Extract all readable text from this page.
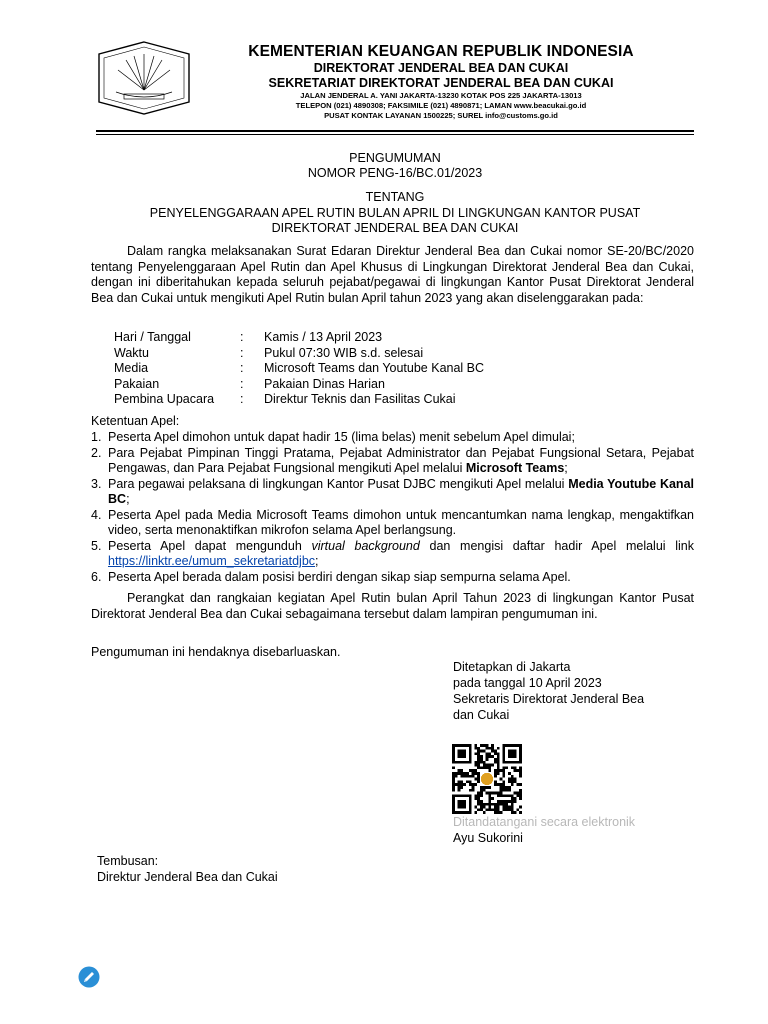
KEMENTERIAN KEUANGAN REPUBLIK INDONESIA
DIREKTORAT JENDERAL BEA DAN CUKAI
SEKRETARIAT DIREKTORAT JENDERAL BEA DAN CUKAI
JALAN JENDERAL A. YANI JAKARTA-13230 KOTAK POS 225 JAKARTA-13013
TELEPON (021) 4890308; FAKSIMILE (021) 4890871; LAMAN www.beacukai.go.id
PUSAT KONTAK LAYANAN 1500225; SUREL info@customs.go.id
PENGUMUMAN
NOMOR PENG-16/BC.01/2023
TENTANG
PENYELENGGARAAN APEL RUTIN BULAN APRIL DI LINGKUNGAN KANTOR PUSAT
DIREKTORAT JENDERAL BEA DAN CUKAI
Dalam rangka melaksanakan Surat Edaran Direktur Jenderal Bea dan Cukai nomor SE-20/BC/2020 tentang Penyelenggaraan Apel Rutin dan Apel Khusus di Lingkungan Direktorat Jenderal Bea dan Cukai, dengan ini diberitahukan kepada seluruh pejabat/pegawai di lingkungan Kantor Pusat Direktorat Jenderal Bea dan Cukai untuk mengikuti Apel Rutin bulan April tahun 2023 yang akan diselenggarakan pada:
Hari / Tanggal	:	Kamis / 13 April 2023
Waktu	:	Pukul 07:30 WIB s.d. selesai
Media	:	Microsoft Teams dan Youtube Kanal BC
Pakaian	:	Pakaian Dinas Harian
Pembina Upacara	:	Direktur Teknis dan Fasilitas Cukai
Ketentuan Apel:
1. Peserta Apel dimohon untuk dapat hadir 15 (lima belas) menit sebelum Apel dimulai;
2. Para Pejabat Pimpinan Tinggi Pratama, Pejabat Administrator dan Pejabat Fungsional Setara, Pejabat Pengawas, dan Para Pejabat Fungsional mengikuti Apel melalui Microsoft Teams;
3. Para pegawai pelaksana di lingkungan Kantor Pusat DJBC mengikuti Apel melalui Media Youtube Kanal BC;
4. Peserta Apel pada Media Microsoft Teams dimohon untuk mencantumkan nama lengkap, mengaktifkan video, serta menonaktifkan mikrofon selama Apel berlangsung.
5. Peserta Apel dapat mengunduh virtual background dan mengisi daftar hadir Apel melalui link https://linktr.ee/umum_sekretariatdjbc;
6. Peserta Apel berada dalam posisi berdiri dengan sikap siap sempurna selama Apel.
Perangkat dan rangkaian kegiatan Apel Rutin bulan April Tahun 2023 di lingkungan Kantor Pusat Direktorat Jenderal Bea dan Cukai sebagaimana tersebut dalam lampiran pengumuman ini.
Pengumuman ini hendaknya disebarluaskan.
Ditetapkan di Jakarta
pada tanggal 10 April 2023
Sekretaris Direktorat Jenderal Bea
dan Cukai
Ditandatangani secara elektronik
Ayu Sukorini
Tembusan:
Direktur Jenderal Bea dan Cukai
